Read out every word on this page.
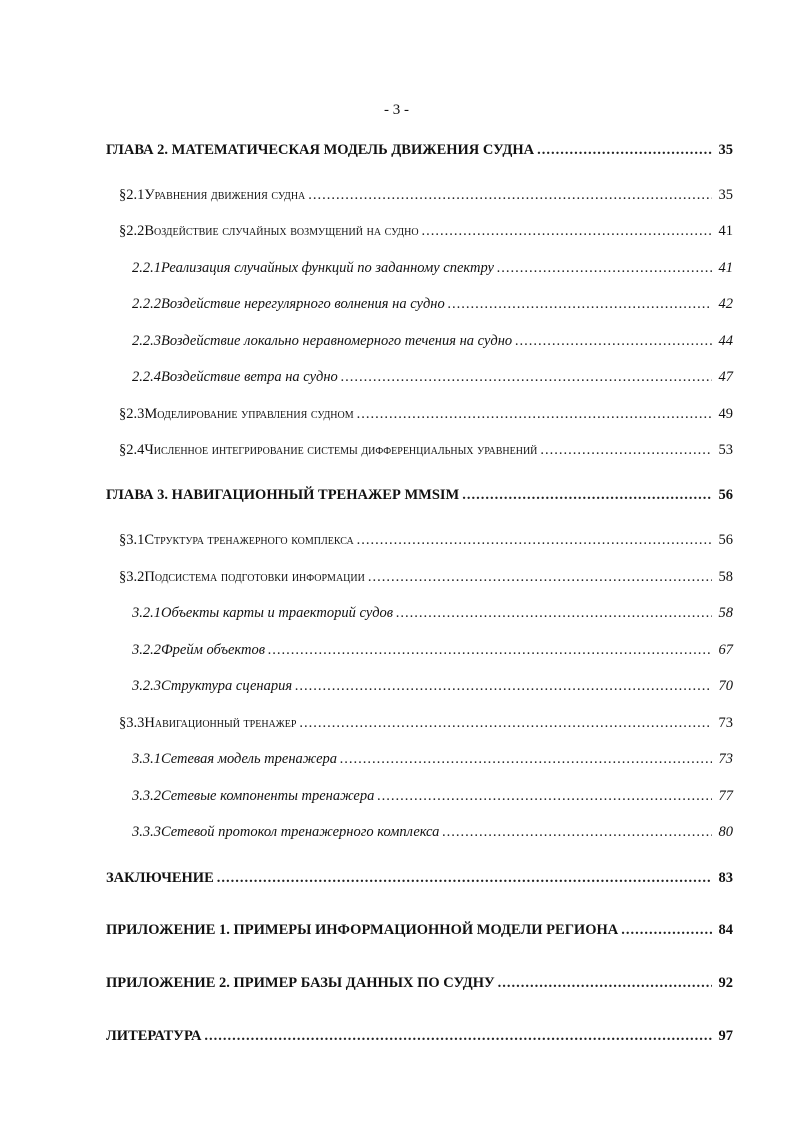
- 3 -
ГЛАВА 2. МАТЕМАТИЧЕСКАЯ МОДЕЛЬ ДВИЖЕНИЯ СУДНА .....	35
§2.1 Уравнения движения судна .....	35
§2.2 Воздействие случайных возмущений на судно .....	41
2.2.1 Реализация случайных функций по заданному спектру .....	41
2.2.2 Воздействие нерегулярного волнения на судно .....	42
2.2.3 Воздействие локально неравномерного течения на судно .....	44
2.2.4 Воздействие ветра на судно .....	47
§2.3 Моделирование управления судном .....	49
§2.4 Численное интегрирование системы дифференциальных уравнений .....	53
ГЛАВА 3. НАВИГАЦИОННЫЙ ТРЕНАЖЕР MMSIM .....	56
§3.1 Структура тренажерного комплекса .....	56
§3.2 Подсистема подготовки информации .....	58
3.2.1 Объекты карты и траекторий судов .....	58
3.2.2 Фрейм объектов .....	67
3.2.3 Структура сценария .....	70
§3.3 Навигационный тренажер .....	73
3.3.1 Сетевая модель тренажера .....	73
3.3.2 Сетевые компоненты тренажера .....	77
3.3.3 Сетевой протокол тренажерного комплекса .....	80
ЗАКЛЮЧЕНИЕ .....	83
ПРИЛОЖЕНИЕ 1. ПРИМЕРЫ ИНФОРМАЦИОННОЙ МОДЕЛИ РЕГИОНА .....	84
ПРИЛОЖЕНИЕ 2. ПРИМЕР БАЗЫ ДАННЫХ ПО СУДНУ .....	92
ЛИТЕРАТУРА .....	97
